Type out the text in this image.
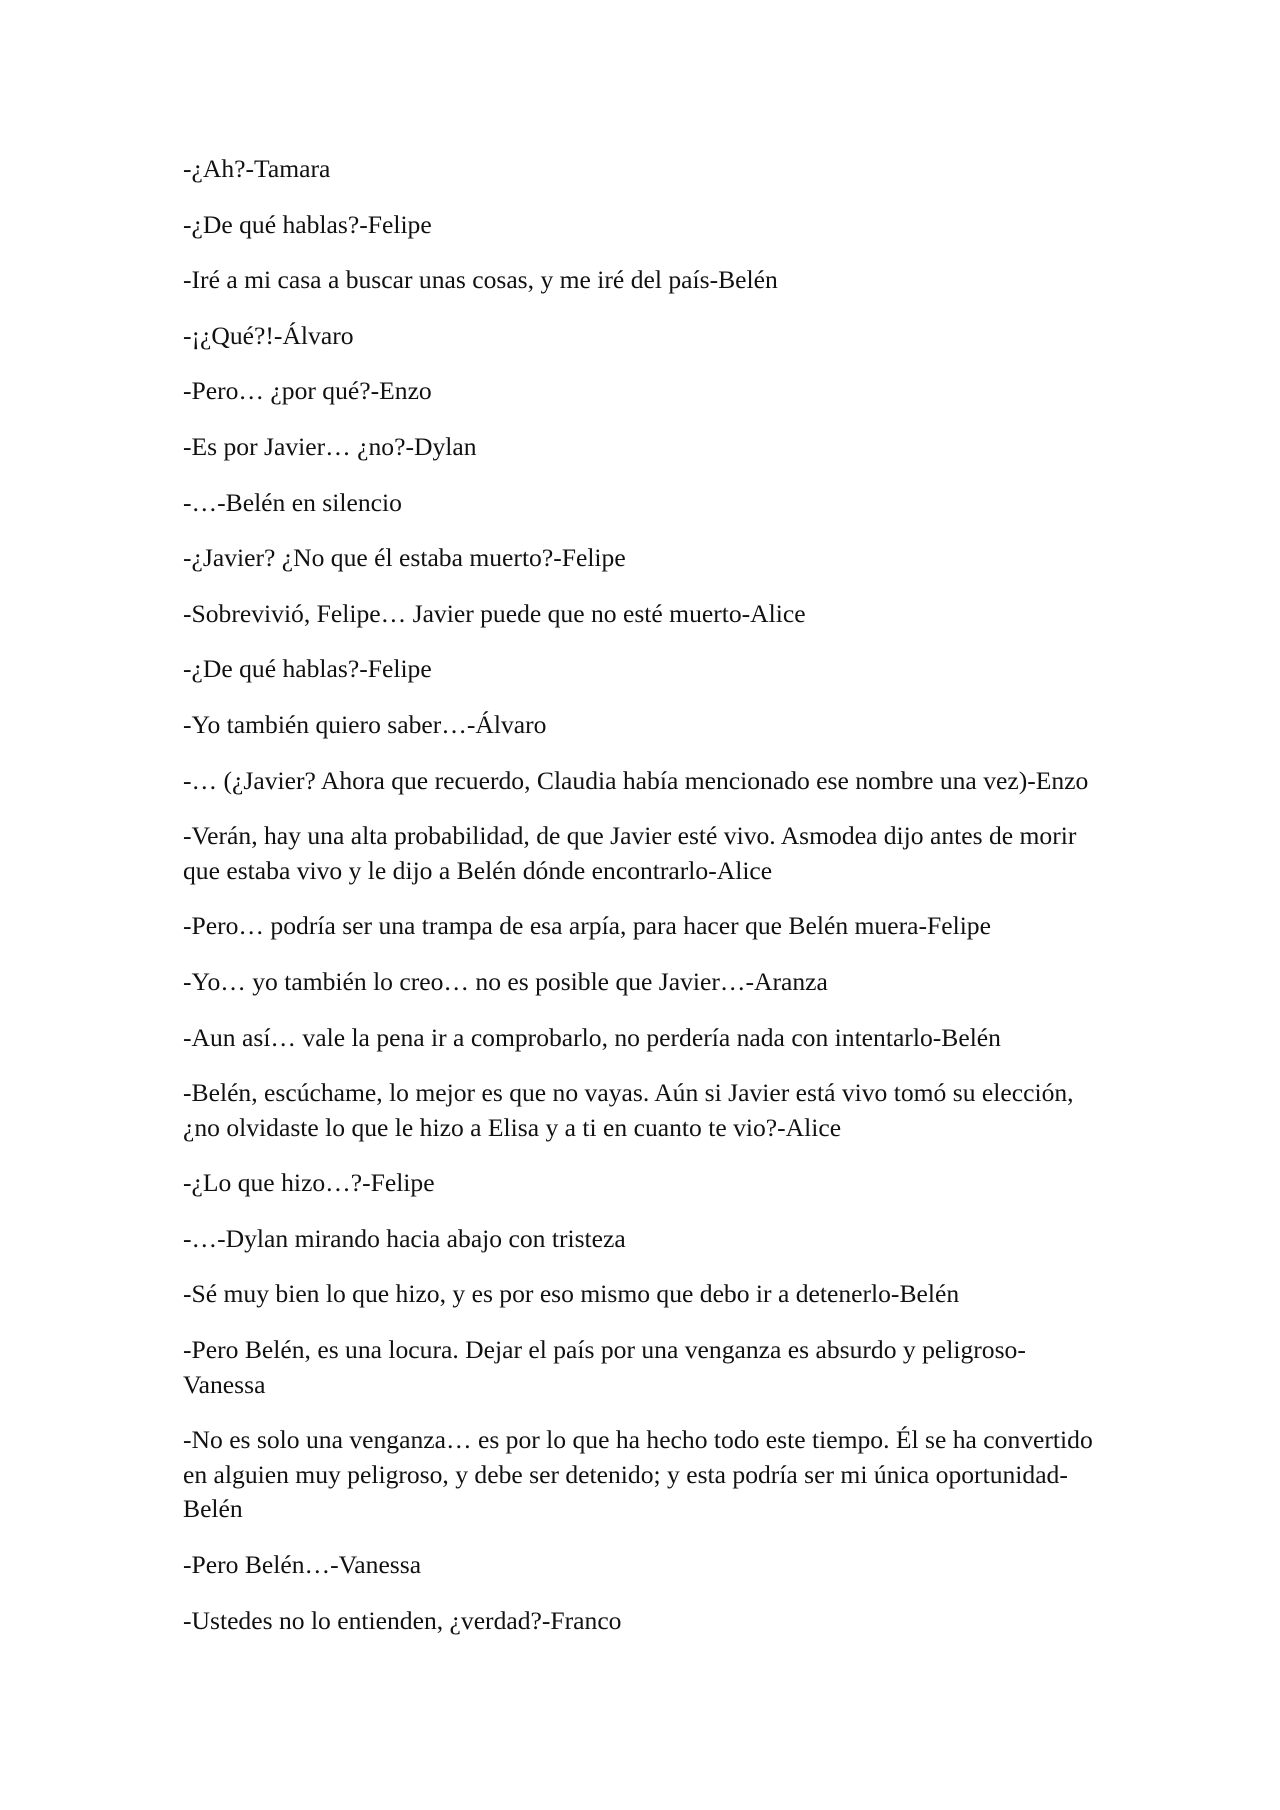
-¿Ah?-Tamara

-¿De qué hablas?-Felipe

-Iré a mi casa a buscar unas cosas, y me iré del país-Belén

-¡¿Qué?!-Álvaro

-Pero… ¿por qué?-Enzo

-Es por Javier… ¿no?-Dylan

-…-Belén en silencio

-¿Javier? ¿No que él estaba muerto?-Felipe

-Sobrevivió, Felipe… Javier puede que no esté muerto-Alice

-¿De qué hablas?-Felipe

-Yo también quiero saber…-Álvaro

-… (¿Javier? Ahora que recuerdo, Claudia había mencionado ese nombre una vez)-Enzo

-Verán, hay una alta probabilidad, de que Javier esté vivo. Asmodea dijo antes de morir que estaba vivo y le dijo a Belén dónde encontrarlo-Alice

-Pero… podría ser una trampa de esa arpía, para hacer que Belén muera-Felipe

-Yo… yo también lo creo… no es posible que Javier…-Aranza

-Aun así… vale la pena ir a comprobarlo, no perdería nada con intentarlo-Belén

-Belén, escúchame, lo mejor es que no vayas. Aún si Javier está vivo tomó su elección, ¿no olvidaste lo que le hizo a Elisa y a ti en cuanto te vio?-Alice

-¿Lo que hizo…?-Felipe

-…-Dylan mirando hacia abajo con tristeza

-Sé muy bien lo que hizo, y es por eso mismo que debo ir a detenerlo-Belén

-Pero Belén, es una locura. Dejar el país por una venganza es absurdo y peligroso-Vanessa

-No es solo una venganza… es por lo que ha hecho todo este tiempo. Él se ha convertido en alguien muy peligroso, y debe ser detenido; y esta podría ser mi única oportunidad-Belén

-Pero Belén…-Vanessa

-Ustedes no lo entienden, ¿verdad?-Franco
